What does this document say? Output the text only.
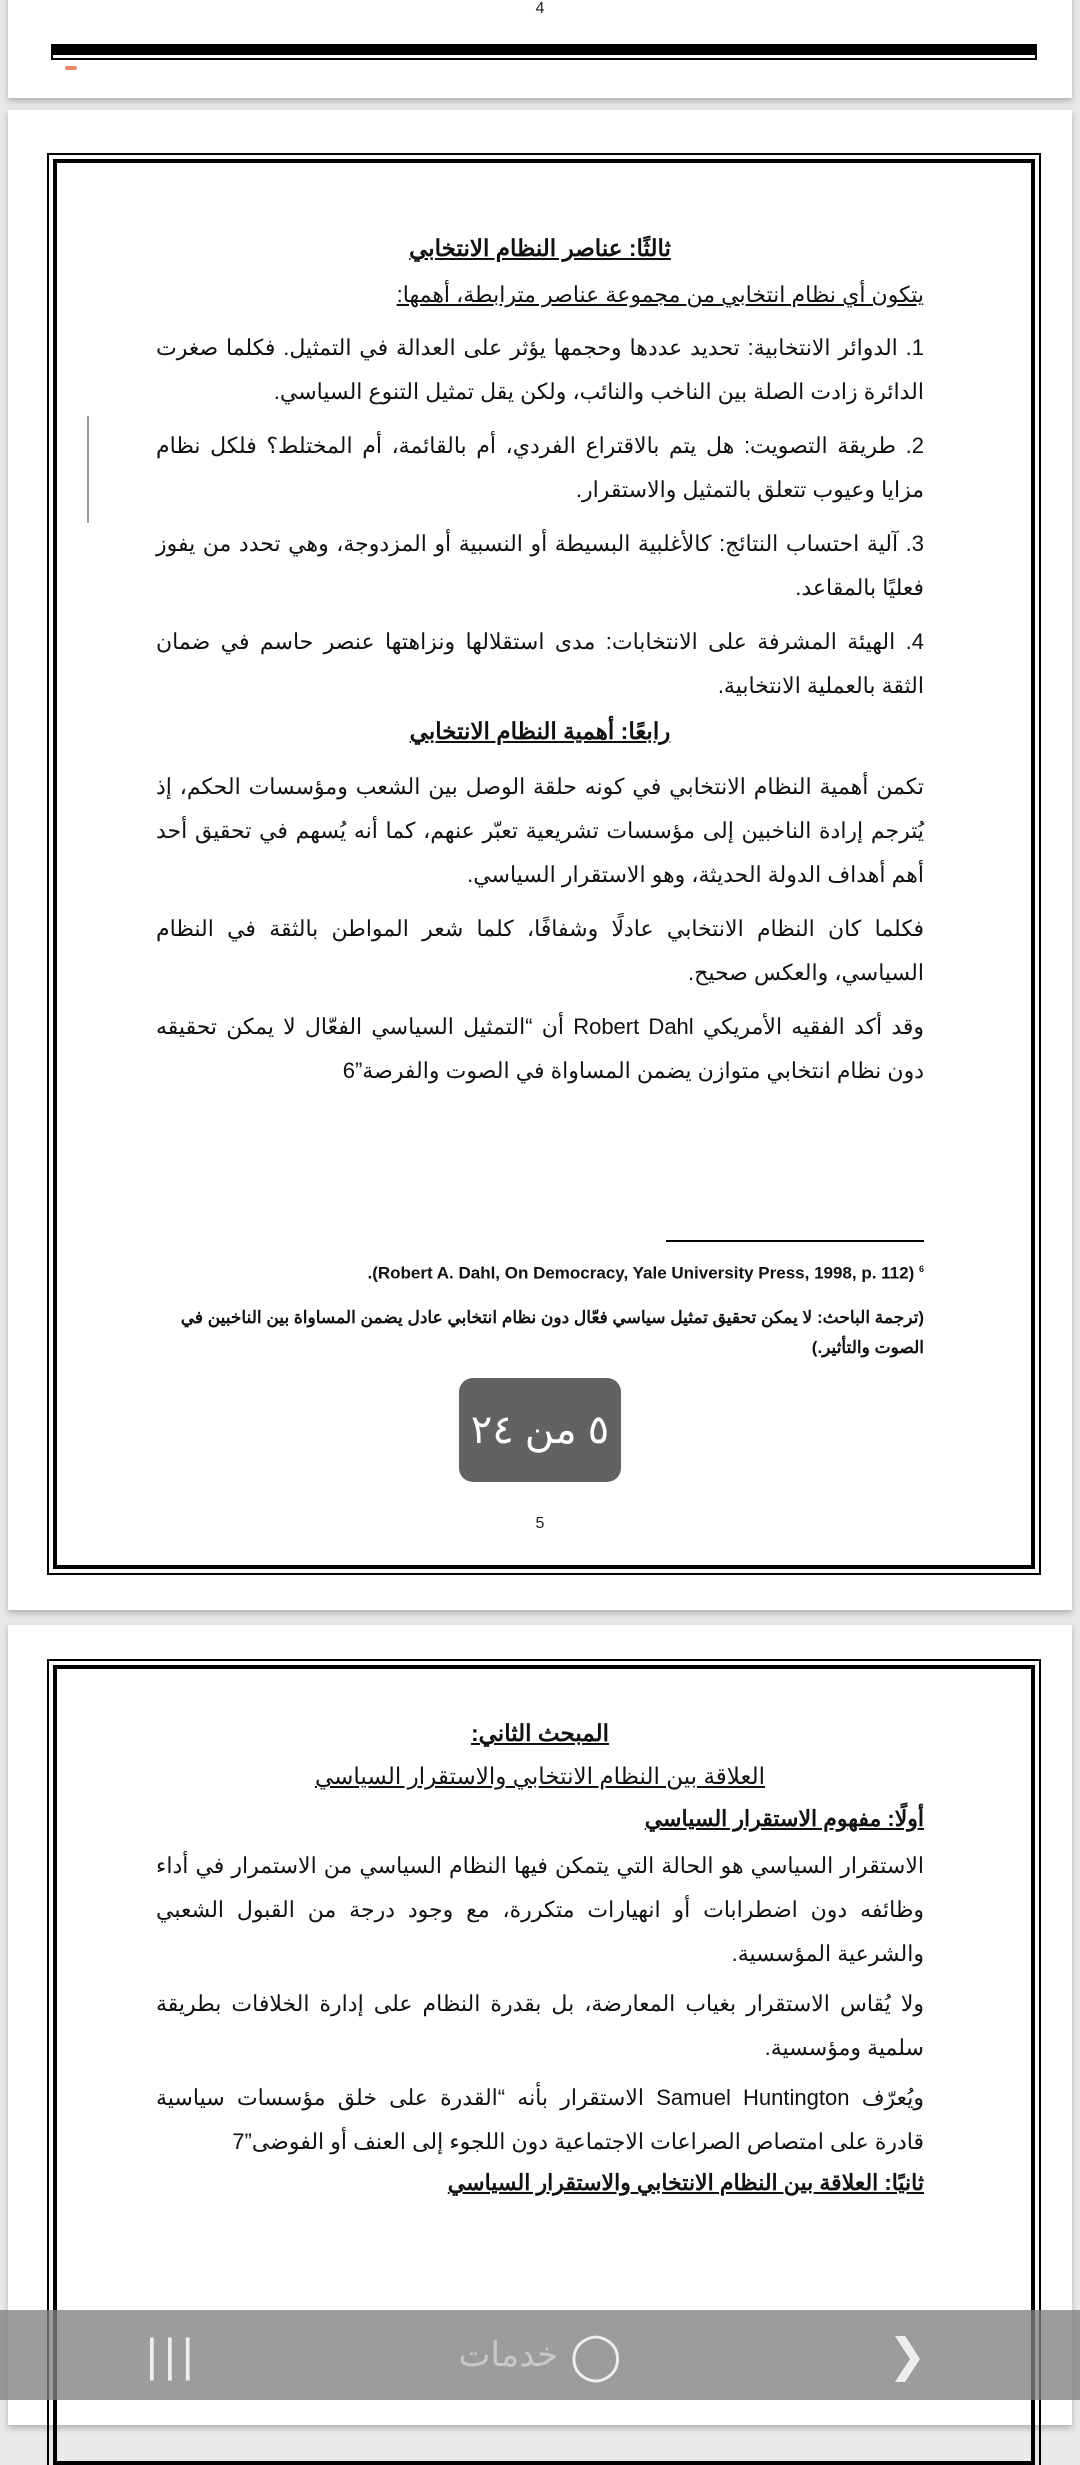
4
ثالثًا: عناصر النظام الانتخابي
يتكون أي نظام انتخابي من مجموعة عناصر مترابطة، أهمها:
1. الدوائر الانتخابية: تحديد عددها وحجمها يؤثر على العدالة في التمثيل. فكلما صغرت الدائرة زادت الصلة بين الناخب والنائب، ولكن يقل تمثيل التنوع السياسي.
2. طريقة التصويت: هل يتم بالاقتراع الفردي، أم بالقائمة، أم المختلط؟ فلكل نظام مزايا وعيوب تتعلق بالتمثيل والاستقرار.
3. آلية احتساب النتائج: كالأغلبية البسيطة أو النسبية أو المزدوجة، وهي تحدد من يفوز فعليًا بالمقاعد.
4. الهيئة المشرفة على الانتخابات: مدى استقلالها ونزاهتها عنصر حاسم في ضمان الثقة بالعملية الانتخابية.
رابعًا: أهمية النظام الانتخابي
تكمن أهمية النظام الانتخابي في كونه حلقة الوصل بين الشعب ومؤسسات الحكم، إذ يُترجم إرادة الناخبين إلى مؤسسات تشريعية تعبّر عنهم، كما أنه يُسهم في تحقيق أحد أهم أهداف الدولة الحديثة، وهو الاستقرار السياسي.
فكلما كان النظام الانتخابي عادلًا وشفافًا، كلما شعر المواطن بالثقة في النظام السياسي، والعكس صحيح.
وقد أكد الفقيه الأمريكي Robert Dahl أن “التمثيل السياسي الفعّال لا يمكن تحقيقه دون نظام انتخابي متوازن يضمن المساواة في الصوت والفرصة”6
$^6$ .(Robert A. Dahl, On Democracy, Yale University Press, 1998, p. 112)
(ترجمة الباحث: لا يمكن تحقيق تمثيل سياسي فعّال دون نظام انتخابي عادل يضمن المساواة بين الناخبين في الصوت والتأثير.)
5
المبحث الثاني:
العلاقة بين النظام الانتخابي والاستقرار السياسي
أولًا: مفهوم الاستقرار السياسي
الاستقرار السياسي هو الحالة التي يتمكن فيها النظام السياسي من الاستمرار في أداء وظائفه دون اضطرابات أو انهيارات متكررة، مع وجود درجة من القبول الشعبي والشرعية المؤسسية.
ولا يُقاس الاستقرار بغياب المعارضة، بل بقدرة النظام على إدارة الخلافات بطريقة سلمية ومؤسسية.
ويُعرّف Samuel Huntington الاستقرار بأنه “القدرة على خلق مؤسسات سياسية قادرة على امتصاص الصراعات الاجتماعية دون اللجوء إلى العنف أو الفوضى”7
ثانيًا: العلاقة بين النظام الانتخابي والاستقرار السياسي
٥ من ٢٤
|||	خدمات ◯	❯
